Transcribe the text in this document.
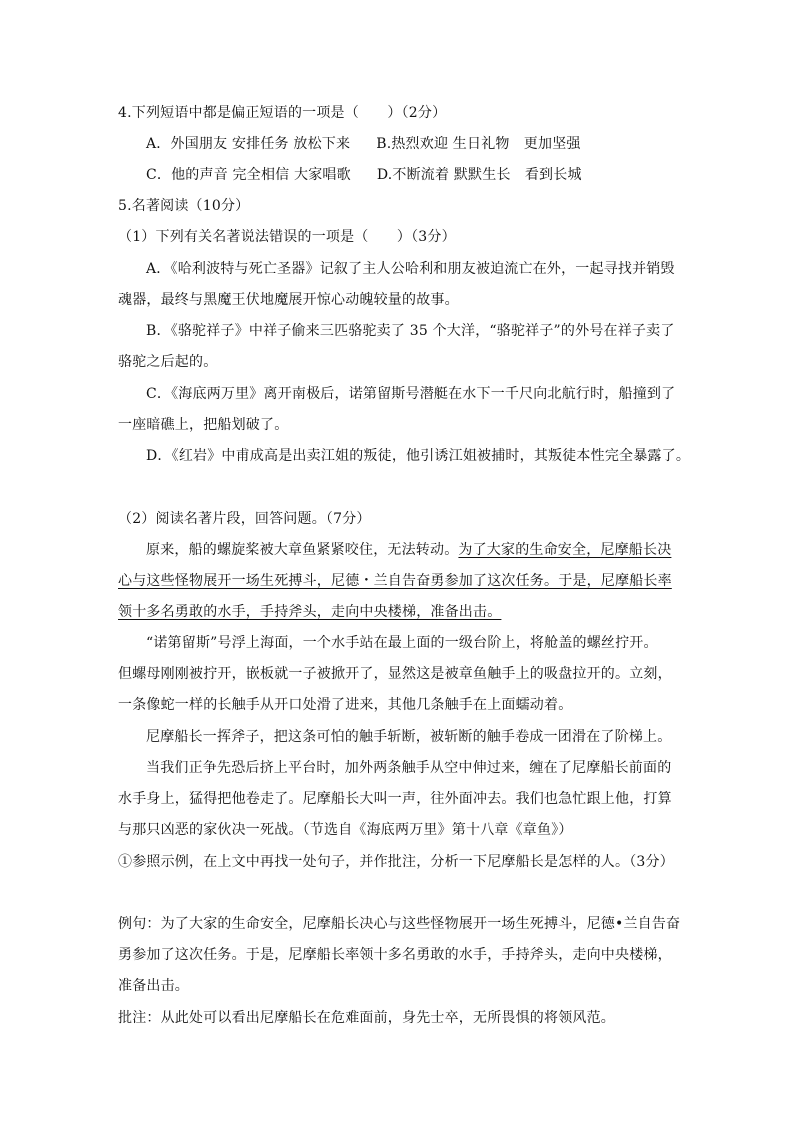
4.下列短语中都是偏正短语的一项是（　　）（2分）
A．外国朋友 安排任务 放松下来 B.热烈欢迎 生日礼物　更加坚强
C．他的声音 完全相信 大家唱歌 D.不断流着 默默生长　看到长城
5.名著阅读（10分）
（1）下列有关名著说法错误的一项是（　　）（3分）
A．《哈利波特与死亡圣器》记叙了主人公哈利和朋友被迫流亡在外，一起寻找并销毁
魂器，最终与黑魔王伏地魔展开惊心动魄较量的故事。
B．《骆驼祥子》中祥子偷来三匹骆驼卖了 35 个大洋，“骆驼祥子”的外号在祥子卖了
骆驼之后起的。
C．《海底两万里》离开南极后，诺第留斯号潜艇在水下一千尺向北航行时，船撞到了
一座暗礁上，把船划破了。
D．《红岩》中甫成高是出卖江姐的叛徒，他引诱江姐被捕时，其叛徒本性完全暴露了。
（2）阅读名著片段，回答问题。（7分）
原来，船的螺旋桨被大章鱼紧紧咬住，无法转动。为了大家的生命安全，尼摩船长决
心与这些怪物展开一场生死搏斗，尼德・兰自告奋勇参加了这次任务。于是，尼摩船长率
领十多名勇敢的水手，手持斧头，走向中央楼梯，准备出击。
“诺第留斯”号浮上海面，一个水手站在最上面的一级台阶上，将舱盖的螺丝拧开。
但螺母刚刚被拧开，嵌板就一子被掀开了，显然这是被章鱼触手上的吸盘拉开的。立刻，
一条像蛇一样的长触手从开口处滑了进来，其他几条触手在上面蠕动着。
尼摩船长一挥斧子，把这条可怕的触手斩断，被斩断的触手卷成一团滑在了阶梯上。
当我们正争先恐后挤上平台时，加外两条触手从空中伸过来，缠在了尼摩船长前面的
水手身上，猛得把他卷走了。尼摩船长大叫一声，往外面冲去。我们也急忙跟上他，打算
与那只凶恶的家伙决一死战。（节选自《海底两万里》第十八章《章鱼》）
①参照示例，在上文中再找一处句子，并作批注，分析一下尼摩船长是怎样的人。（3分）
例句：为了大家的生命安全，尼摩船长决心与这些怪物展开一场生死搏斗，尼德•兰自告奋
勇参加了这次任务。于是，尼摩船长率领十多名勇敢的水手，手持斧头，走向中央楼梯，
准备出击。
批注：从此处可以看出尼摩船长在危难面前，身先士卒，无所畏惧的将领风范。
